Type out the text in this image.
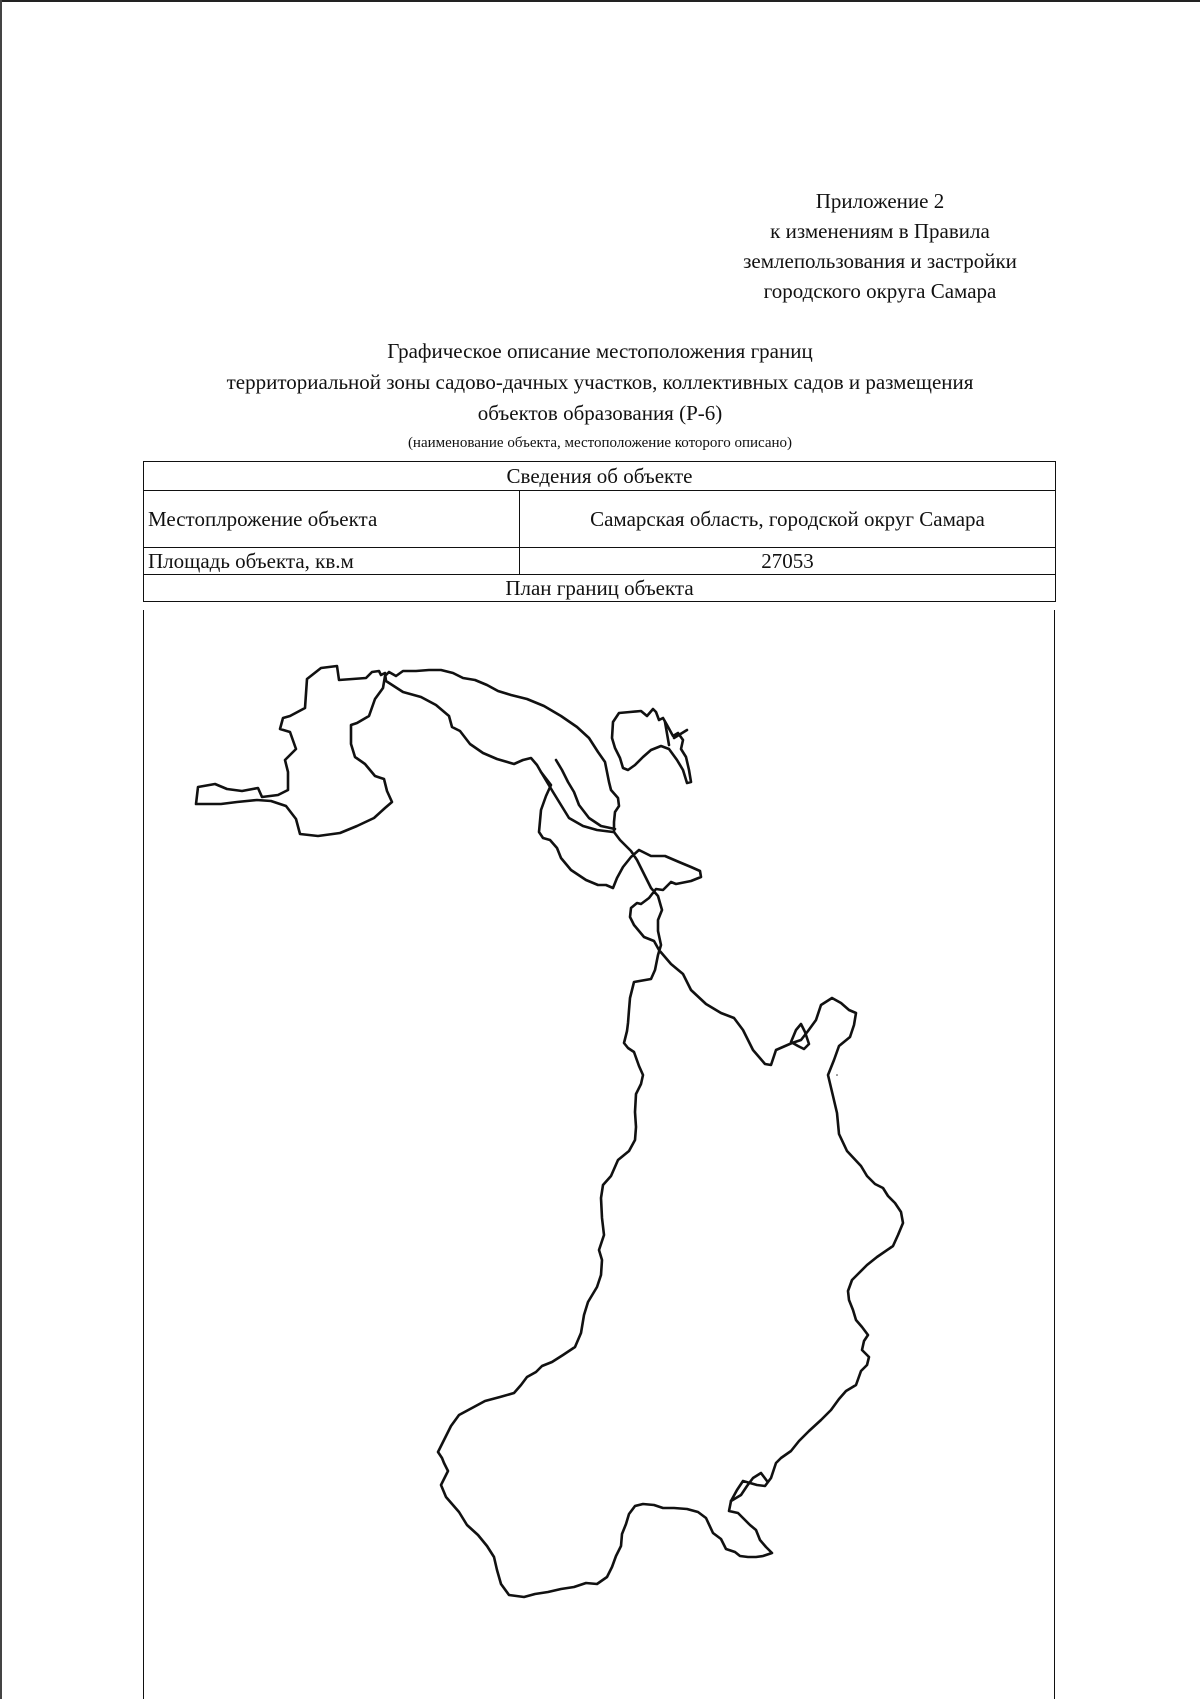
Приложение 2
к изменениям в Правила
землепользования и застройки
городского округа Самара
Графическое описание местоположения границ
территориальной зоны садово-дачных участков, коллективных садов и размещения
объектов образования (Р-6)
(наименование объекта, местоположение которого описано)
Сведения об объекте	
Местоплрожение объекта	Самарская область, городской округ Самара
Площадь объекта, кв.м	27053
План границ объекта	
